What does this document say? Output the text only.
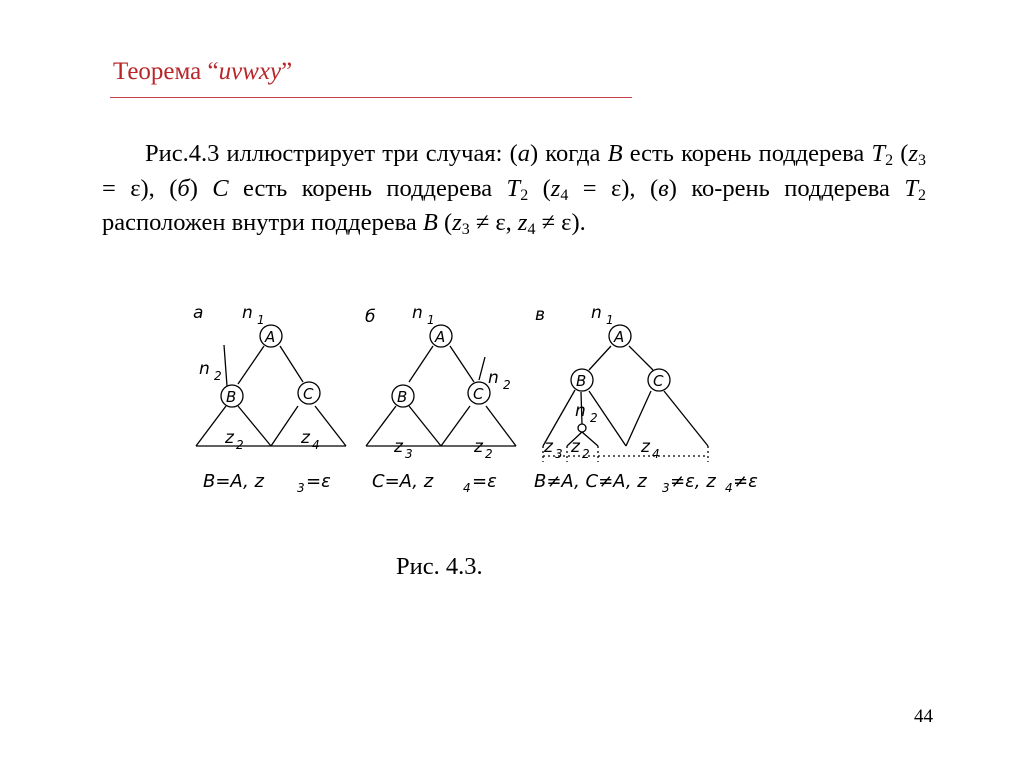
Теорема “uvwxy”
Рис.4.3 иллюстрирует три случая: (а) когда B есть корень поддерева $T_2$ $(z_3 = \varepsilon)$, (б) C есть корень поддерева $T_2$ $(z_4 = \varepsilon)$, (в) ко-рень поддерева $T_2$ расположен внутри поддерева B ($z_3 \ne \varepsilon$, $z_4 \ne \varepsilon$).
а n 1
n 2
A
B	C
z 2	z 4
B=A, z	3 =ε
б n 1
n 2
A
B	C
z 3	z 2
C=A, z 4 =ε
в	n 1
n 2
A
B	C
z 3 z 2	z 4
B≠A, C≠A, z 3 ≠ε, z 4 ≠ε
Рис. 4.3.
44
